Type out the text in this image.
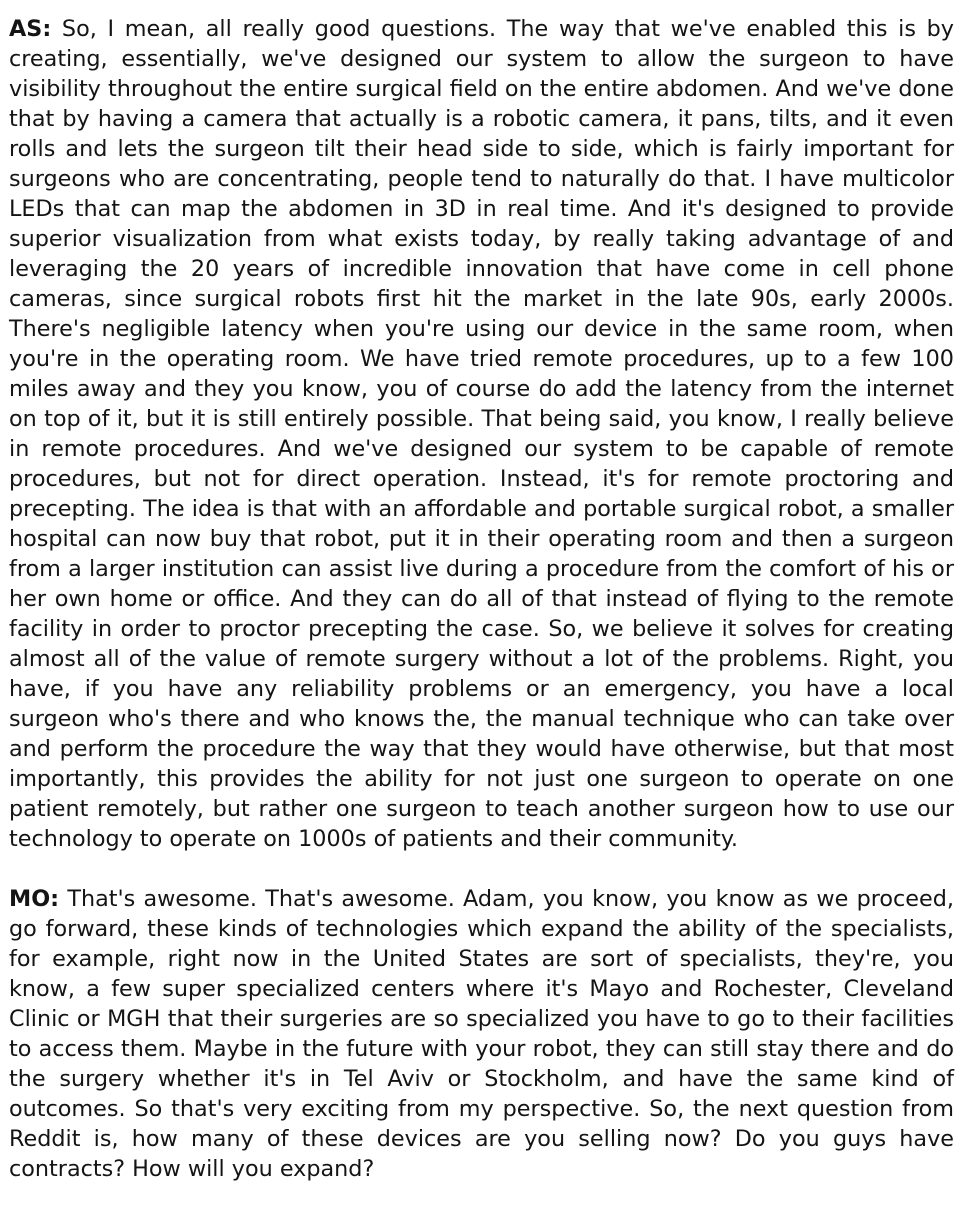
AS: So, I mean, all really good questions. The way that we've enabled this is by creating, essentially, we've designed our system to allow the surgeon to have visibility throughout the entire surgical field on the entire abdomen. And we've done that by having a camera that actually is a robotic camera, it pans, tilts, and it even rolls and lets the surgeon tilt their head side to side, which is fairly important for surgeons who are concentrating, people tend to naturally do that. I have multicolor LEDs that can map the abdomen in 3D in real time. And it's designed to provide superior visualization from what exists today, by really taking advantage of and leveraging the 20 years of incredible innovation that have come in cell phone cameras, since surgical robots first hit the market in the late 90s, early 2000s. There's negligible latency when you're using our device in the same room, when you're in the operating room. We have tried remote procedures, up to a few 100 miles away and they you know, you of course do add the latency from the internet on top of it, but it is still entirely possible. That being said, you know, I really believe in remote procedures. And we've designed our system to be capable of remote procedures, but not for direct operation. Instead, it's for remote proctoring and precepting. The idea is that with an affordable and portable surgical robot, a smaller hospital can now buy that robot, put it in their operating room and then a surgeon from a larger institution can assist live during a procedure from the comfort of his or her own home or office. And they can do all of that instead of flying to the remote facility in order to proctor precepting the case. So, we believe it solves for creating almost all of the value of remote surgery without a lot of the problems. Right, you have, if you have any reliability problems or an emergency, you have a local surgeon who's there and who knows the, the manual technique who can take over and perform the procedure the way that they would have otherwise, but that most importantly, this provides the ability for not just one surgeon to operate on one patient remotely, but rather one surgeon to teach another surgeon how to use our technology to operate on 1000s of patients and their community.

MO: That's awesome. That's awesome. Adam, you know, you know as we proceed, go forward, these kinds of technologies which expand the ability of the specialists, for example, right now in the United States are sort of specialists, they're, you know, a few super specialized centers where it's Mayo and Rochester, Cleveland Clinic or MGH that their surgeries are so specialized you have to go to their facilities to access them. Maybe in the future with your robot, they can still stay there and do the surgery whether it's in Tel Aviv or Stockholm, and have the same kind of outcomes. So that's very exciting from my perspective. So, the next question from Reddit is, how many of these devices are you selling now? Do you guys have contracts? How will you expand?
